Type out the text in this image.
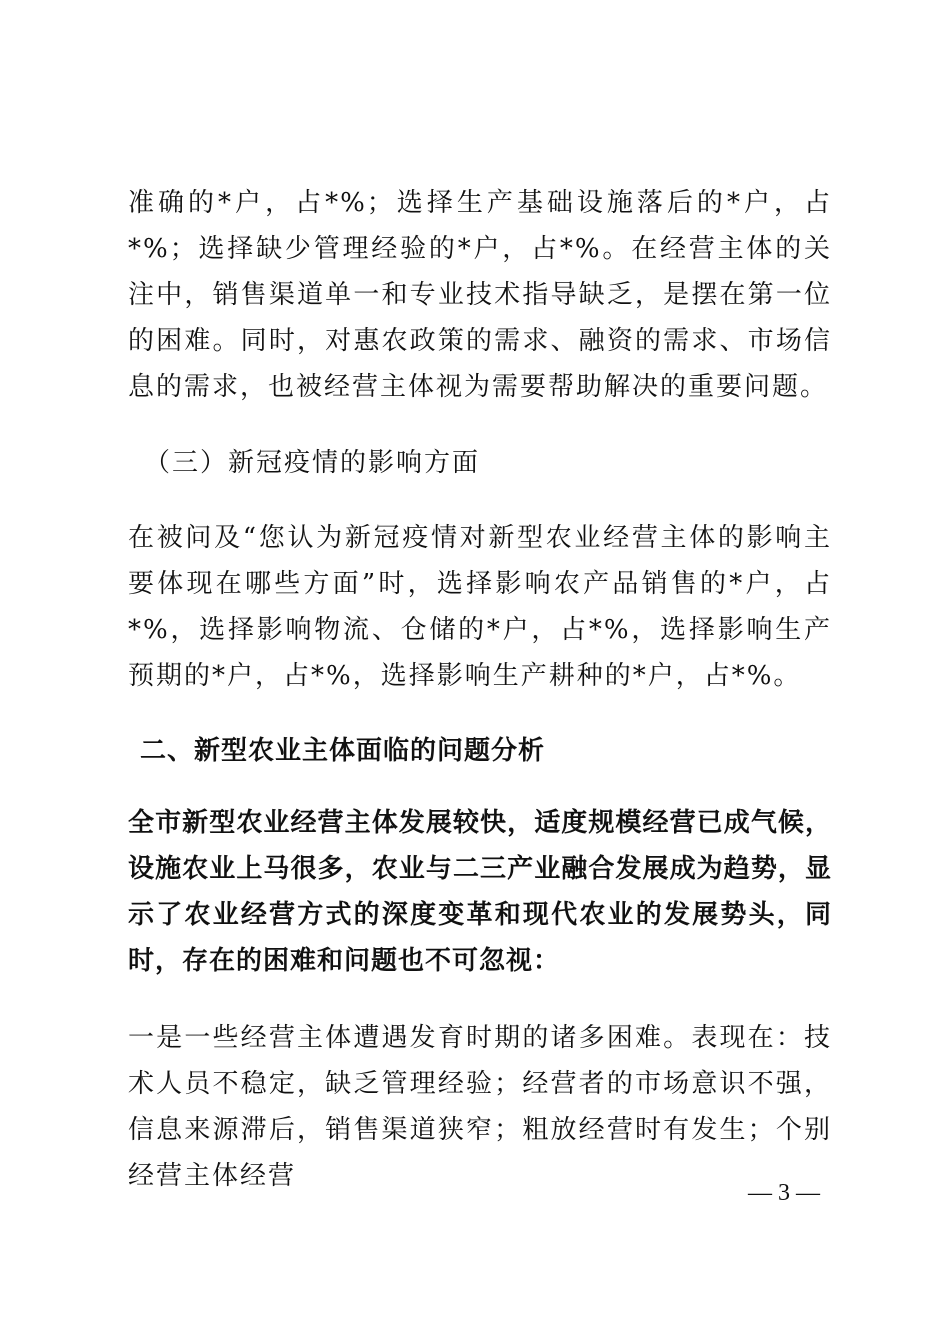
准确的*户，占*%；选择生产基础设施落后的*户，占*%；选择缺少管理经验的*户，占*%。在经营主体的关注中，销售渠道单一和专业技术指导缺乏，是摆在第一位的困难。同时，对惠农政策的需求、融资的需求、市场信息的需求，也被经营主体视为需要帮助解决的重要问题。

（三）新冠疫情的影响方面

在被问及“您认为新冠疫情对新型农业经营主体的影响主要体现在哪些方面”时，选择影响农产品销售的*户，占*%，选择影响物流、仓储的*户，占*%，选择影响生产预期的*户，占*%，选择影响生产耕种的*户，占*%。

二、新型农业主体面临的问题分析

全市新型农业经营主体发展较快，适度规模经营已成气候，设施农业上马很多，农业与二三产业融合发展成为趋势，显示了农业经营方式的深度变革和现代农业的发展势头，同时，存在的困难和问题也不可忽视：

一是一些经营主体遭遇发育时期的诸多困难。表现在：技术人员不稳定，缺乏管理经验；经营者的市场意识不强，信息来源滞后，销售渠道狭窄；粗放经营时有发生；个别经营主体经营

— 3 —
